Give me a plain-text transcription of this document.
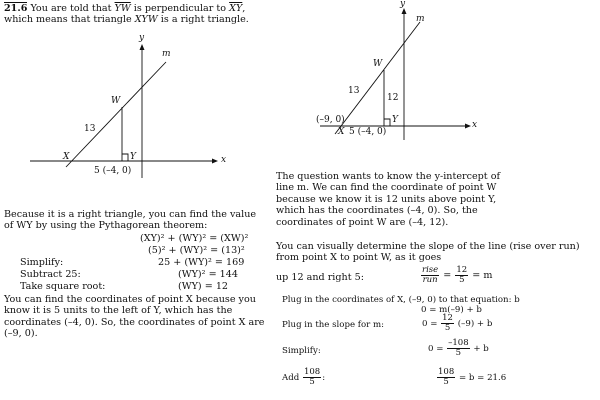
21.6 You are told that $\overline{YW}$ is perpendicular to $\overline{XY}$, which means that triangle XYW is a right triangle.
y
x
m
W
X	Y
13
5 (–4, 0)
Because it is a right triangle, you can find the value of WY by using the Pythagorean theorem:
(XY)² + (WY)² = (XW)²
(5)² + (WY)² = (13)²
Simplify:	25 + (WY)² = 169
Subtract 25:	(WY)² = 144
Take square root:	(WY) = 12
You can find the coordinates of point X because you know it is 5 units to the left of Y, which has the coordinates (–4, 0). So, the coordinates of point X are (–9, 0).
y
x
m
W
X
Y
13
12
(–9, 0)
5 (–4, 0)
The question wants to know the y-intercept of line m. We can find the coordinate of point W because we know it is 12 units above point Y, which has the coordinates (–4, 0). So, the coordinates of point W are (–4, 12).
You can visually determine the slope of the line (rise over run) from point X to point W, as it goes
up 12 and right 5:	$\frac{\text{rise}}{\text{run}} = \frac{12}{5} = m$
Plug in the coordinates of X, (–9, 0) to that equation: b
0 = m(–9) + b
Plug in the slope for m:	$0 = \frac{12}{5} (-9) + b$
Simplify:	$0 = \frac{-108}{5} + b$
Add $\frac{108}{5}$ :	$\frac{108}{5} = b = 21.6$
